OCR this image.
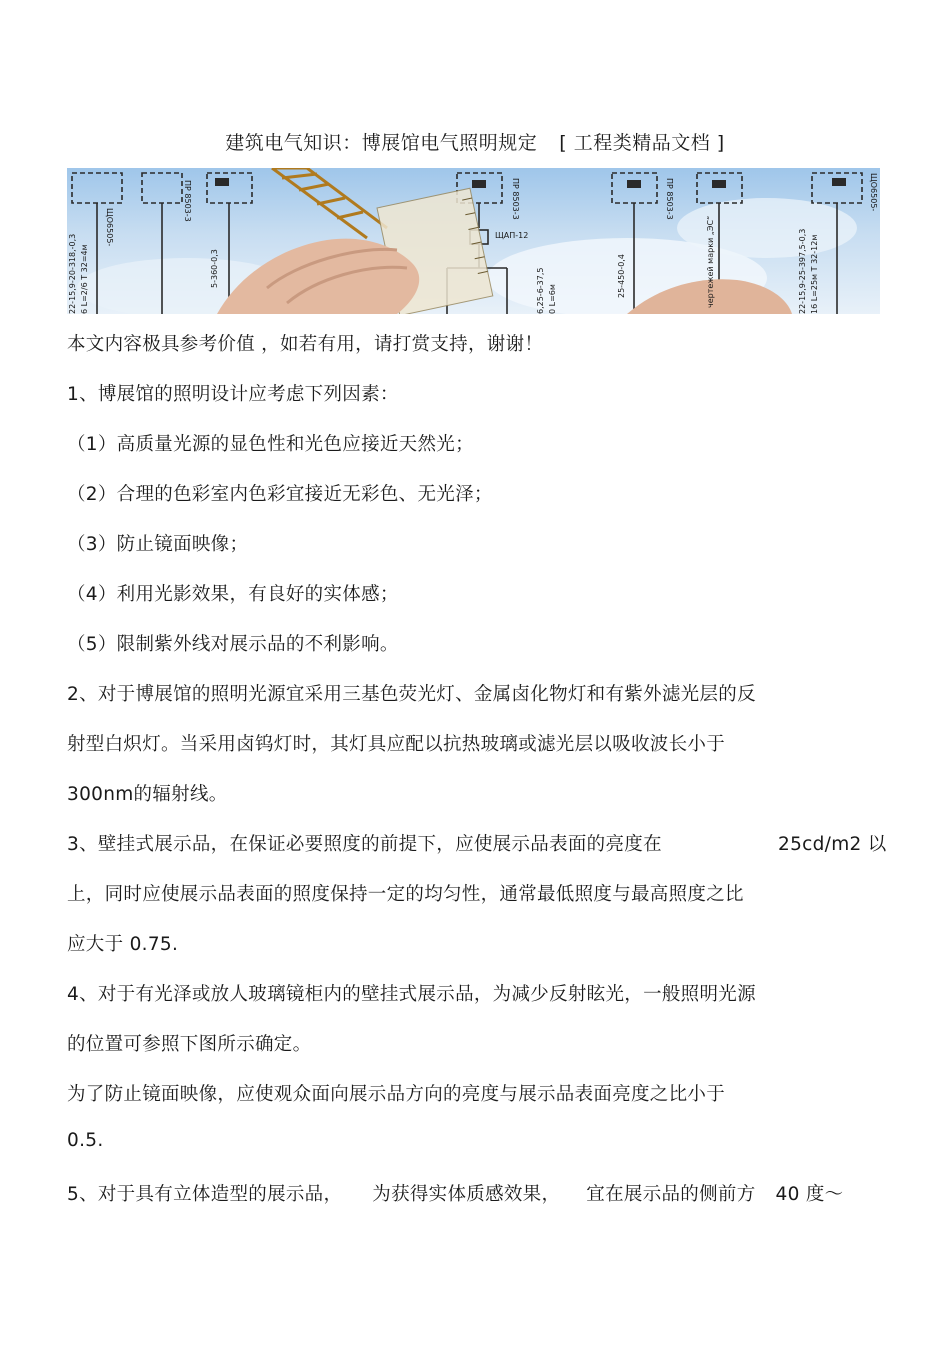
建筑电气知识：博展馆电气照明规定 [ 工程类精品文档 ]
ЩО6505-
ПР 8503-3
ЩАП-12
ПР 8503-3	ПР 8503-3	ЩО6505-
22-15,9-20-318,-0,3 6 L=2/6 Т 32=4м	5-360-0,3	6,25-6-37,5	25-450-0,4	чертежей марки „ЭС“	22-15,9-25-397,5-0,3 16 L=25м Т 32-12м
0 L=6м
本文内容极具参考价值 ，如若有用，请打赏支持，谢谢！
1、博展馆的照明设计应考虑下列因素：
（1）高质量光源的显色性和光色应接近天然光；
（2）合理的色彩室内色彩宜接近无彩色、无光泽；
（3）防止镜面映像；
（4）利用光影效果，有良好的实体感；
（5）限制紫外线对展示品的不利影响。
2、对于博展馆的照明光源宜采用三基色荧光灯、金属卤化物灯和有紫外滤光层的反
射型白炽灯。当采用卤钨灯时，其灯具应配以抗热玻璃或滤光层以吸收波长小于
300nm的辐射线。
3、壁挂式展示品，在保证必要照度的前提下，应使展示品表面的亮度在	25cd/m2 以
上，同时应使展示品表面的照度保持一定的均匀性，通常最低照度与最高照度之比
应大于 0.75.
4、对于有光泽或放人玻璃镜柜内的壁挂式展示品，为减少反射眩光，一般照明光源
的位置可参照下图所示确定。
为了防止镜面映像，应使观众面向展示品方向的亮度与展示品表面亮度之比小于
0.5.
5、对于具有立体造型的展示品， 为获得实体质感效果， 宜在展示品的侧前方 40 度～
